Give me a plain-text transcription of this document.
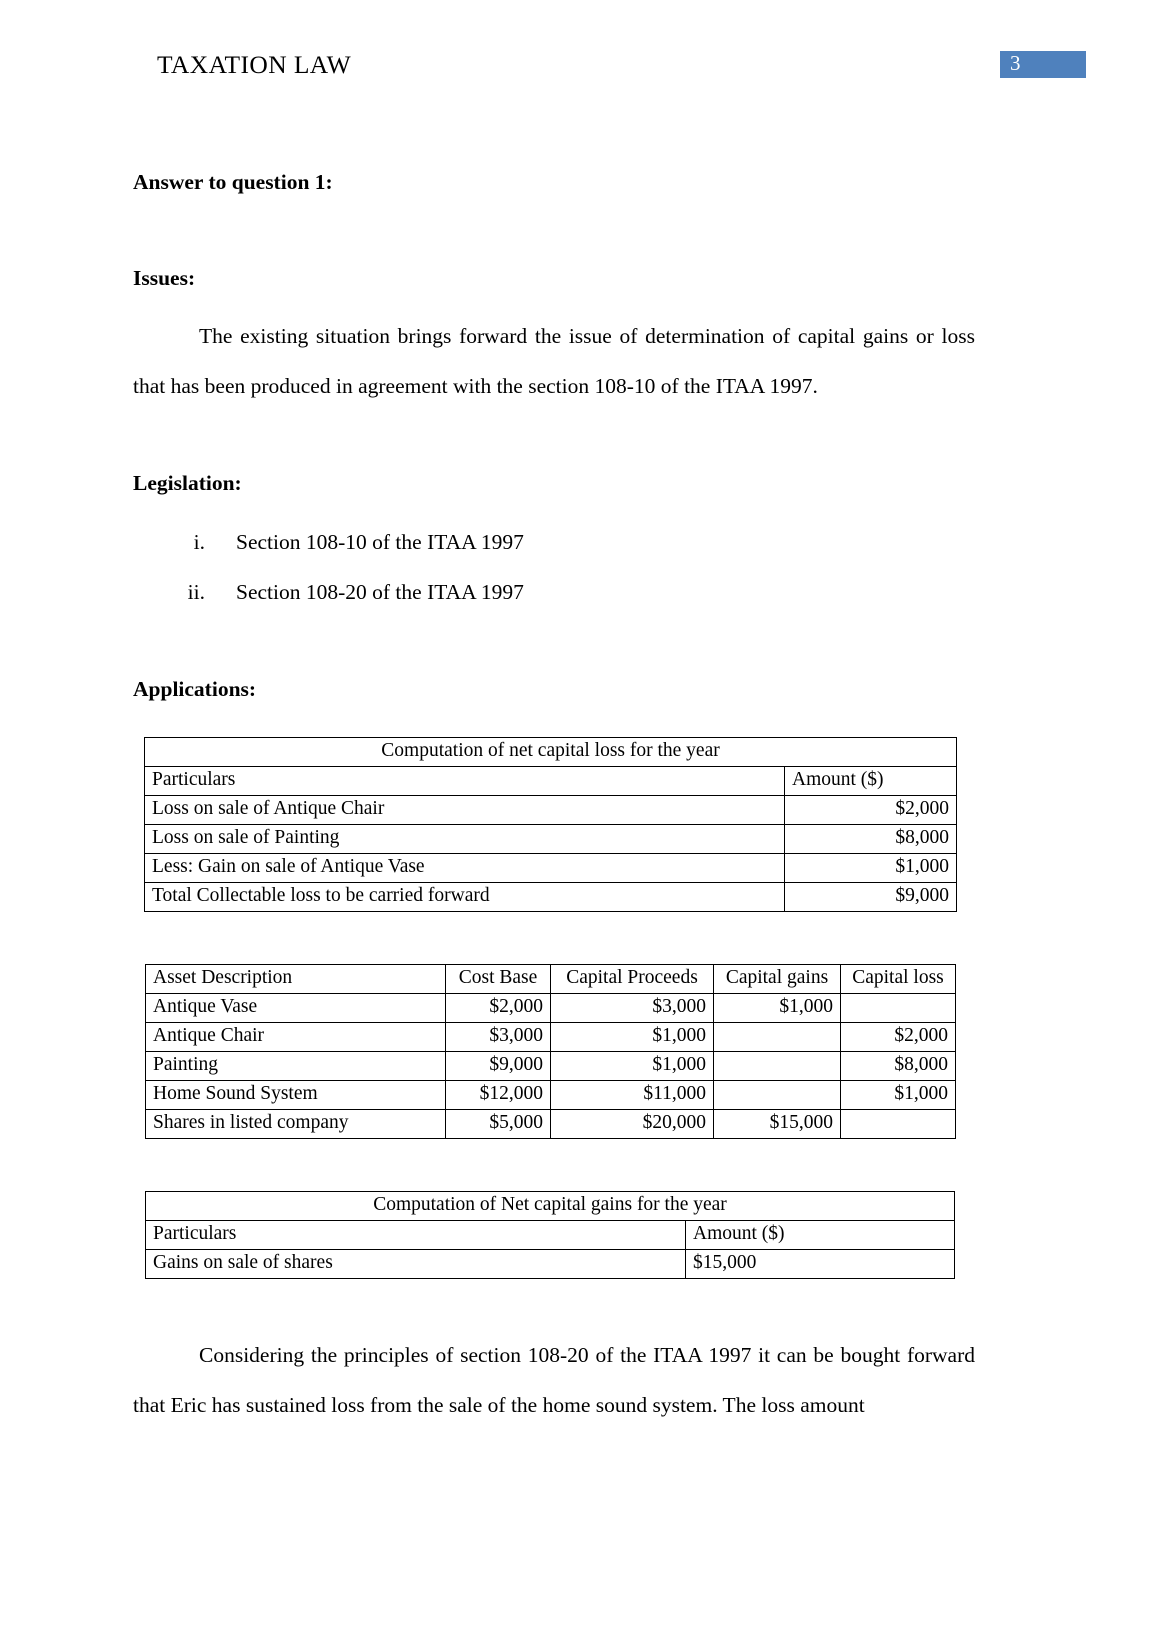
TAXATION LAW	3
Answer to question 1:
Issues:

The existing situation brings forward the issue of determination of capital gains or loss that has been produced in agreement with the section 108-10 of the ITAA 1997.

Legislation:
i. Section 108-10 of the ITAA 1997
ii. Section 108-20 of the ITAA 1997
Applications:
Computation of net capital loss for the year	
Particulars	Amount ($)
Loss on sale of Antique Chair	$2,000
Loss on sale of Painting	$8,000
Less: Gain on sale of Antique Vase	$1,000
Total Collectable loss to be carried forward	$9,000
Asset Description	Cost Base	Capital Proceeds	Capital gains	Capital loss
Antique Vase	$2,000	$3,000	$1,000	
Antique Chair	$3,000	$1,000		$2,000
Painting	$9,000	$1,000		$8,000
Home Sound System	$12,000	$11,000		$1,000
Shares in listed company	$5,000	$20,000	$15,000	
Computation of Net capital gains for the year	
Particulars	Amount ($)
Gains on sale of shares	$15,000

Considering the principles of section 108-20 of the ITAA 1997 it can be bought forward that Eric has sustained loss from the sale of the home sound system. The loss amount
